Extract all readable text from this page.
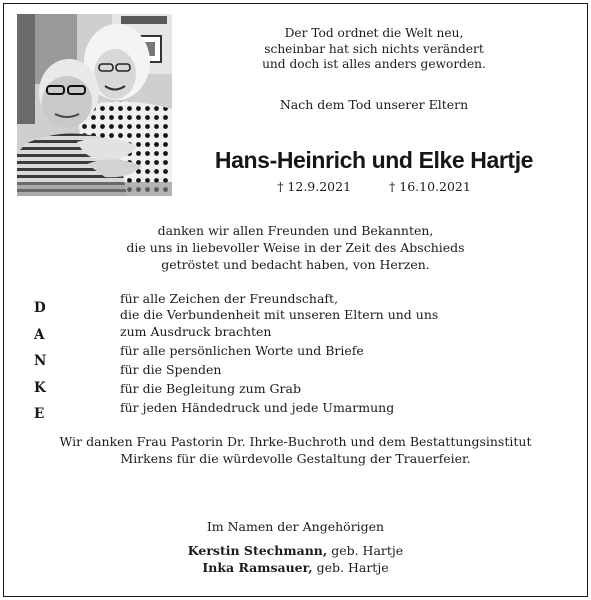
Der Tod ordnet die Welt neu,
scheinbar hat sich nichts verändert
und doch ist alles anders geworden.
Nach dem Tod unserer Eltern
Hans-Heinrich und Elke Hartje
† 12.9.2021	† 16.10.2021
danken wir allen Freunden und Bekannten,
die uns in liebevoller Weise in der Zeit des Abschieds
getröstet und bedacht haben, von Herzen.
D
A
N
K
E
für alle Zeichen der Freundschaft,
die die Verbundenheit mit unseren Eltern und uns
zum Ausdruck brachten
für alle persönlichen Worte und Briefe
für die Spenden
für die Begleitung zum Grab
für jeden Händedruck und jede Umarmung
Wir danken Frau Pastorin Dr. Ihrke-Buchroth und dem Bestattungsinstitut
Mirkens für die würdevolle Gestaltung der Trauerfeier.
Im Namen der Angehörigen
Kerstin Stechmann, geb. Hartje
Inka Ramsauer, geb. Hartje
